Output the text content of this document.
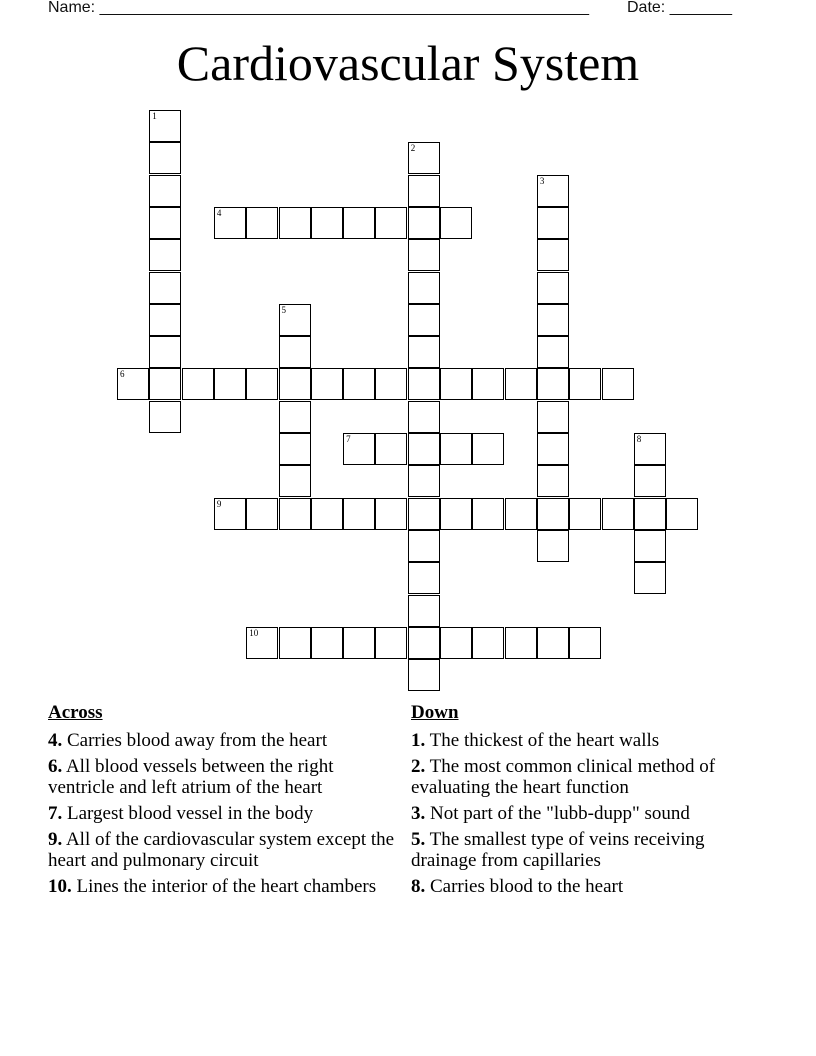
Name: _______________________________________________________ Date: _______
Cardiovascular System
1
2
3
4
5
6
7	8
9
10
Across
4. Carries blood away from the heart
6. All blood vessels between the right ventricle and left atrium of the heart
7. Largest blood vessel in the body
9. All of the cardiovascular system except the heart and pulmonary circuit
10. Lines the interior of the heart chambers
Down
1. The thickest of the heart walls
2. The most common clinical method of evaluating the heart function
3. Not part of the "lubb-dupp" sound
5. The smallest type of veins receiving drainage from capillaries
8. Carries blood to the heart
